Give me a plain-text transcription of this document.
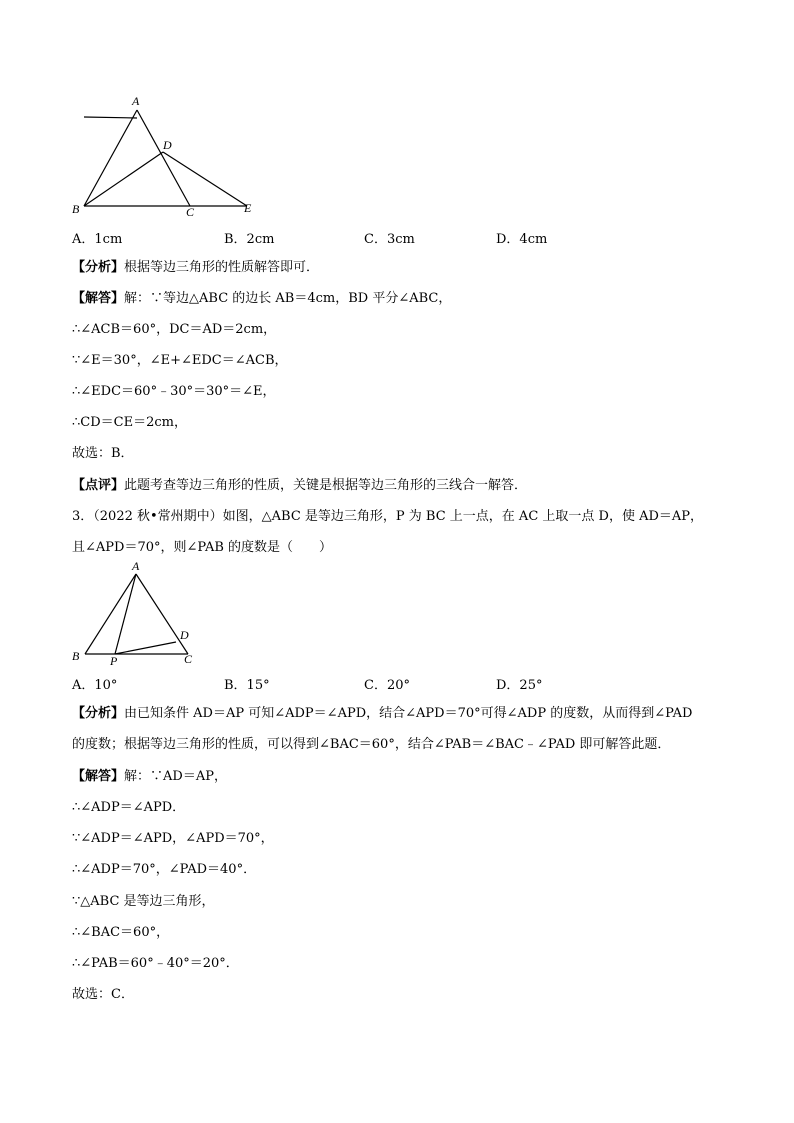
A
B	C
D
E
A．1cm	B．2cm	C．3cm	D．4cm
【分析】根据等边三角形的性质解答即可．
【解答】解：∵等边△ABC 的边长 AB＝4cm，BD 平分∠ABC，
∴∠ACB＝60°，DC＝AD＝2cm，
∵∠E＝30°，∠E+∠EDC＝∠ACB，
∴∠EDC＝60°﹣30°＝30°＝∠E，
∴CD＝CE＝2cm，
故选：B．
【点评】此题考查等边三角形的性质，关键是根据等边三角形的三线合一解答．
3．（2022 秋•常州期中）如图，△ABC 是等边三角形，P 为 BC 上一点，在 AC 上取一点 D，使 AD＝AP，
且∠APD＝70°，则∠PAB 的度数是（　　）
A
B	C
D
P
A．10°	B．15°	C．20°	D．25°
【分析】由已知条件 AD＝AP 可知∠ADP＝∠APD，结合∠APD＝70°可得∠ADP 的度数，从而得到∠PAD
的度数；根据等边三角形的性质，可以得到∠BAC＝60°，结合∠PAB＝∠BAC﹣∠PAD 即可解答此题．
【解答】解：∵AD＝AP，
∴∠ADP＝∠APD．
∵∠ADP＝∠APD，∠APD＝70°，
∴∠ADP＝70°，∠PAD＝40°．
∵△ABC 是等边三角形，
∴∠BAC＝60°，
∴∠PAB＝60°﹣40°＝20°．
故选：C．
